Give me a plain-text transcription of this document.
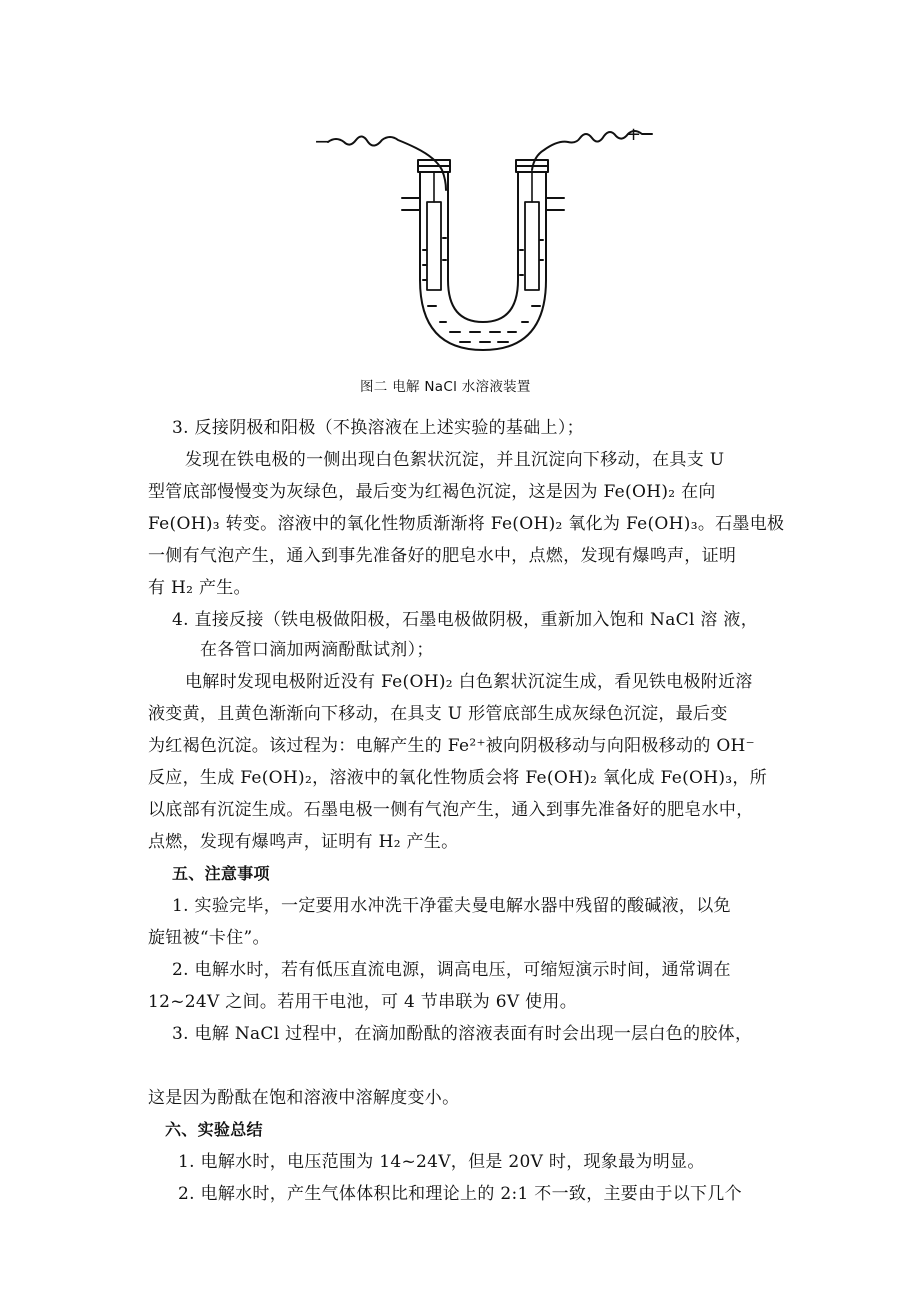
−	+
图二 电解 NaCl 水溶液装置
3. 反接阴极和阳极（不换溶液在上述实验的基础上）；
发现在铁电极的一侧出现白色絮状沉淀，并且沉淀向下移动，在具支 U
型管底部慢慢变为灰绿色，最后变为红褐色沉淀，这是因为 Fe(OH)₂ 在向
Fe(OH)₃ 转变。溶液中的氧化性物质渐渐将 Fe(OH)₂ 氧化为 Fe(OH)₃。石墨电极
一侧有气泡产生，通入到事先准备好的肥皂水中，点燃，发现有爆鸣声，证明
有 H₂ 产生。
4. 直接反接（铁电极做阳极，石墨电极做阴极，重新加入饱和 NaCl 溶 液，
在各管口滴加两滴酚酞试剂）；
电解时发现电极附近没有 Fe(OH)₂ 白色絮状沉淀生成，看见铁电极附近溶
液变黄，且黄色渐渐向下移动，在具支 U 形管底部生成灰绿色沉淀，最后变
为红褐色沉淀。该过程为：电解产生的 Fe²⁺被向阴极移动与向阳极移动的 OH⁻
反应，生成 Fe(OH)₂，溶液中的氧化性物质会将 Fe(OH)₂ 氧化成 Fe(OH)₃，所
以底部有沉淀生成。石墨电极一侧有气泡产生，通入到事先准备好的肥皂水中，
点燃，发现有爆鸣声，证明有 H₂ 产生。
五、注意事项
1. 实验完毕，一定要用水冲洗干净霍夫曼电解水器中残留的酸碱液，以免
旋钮被“卡住”。
2. 电解水时，若有低压直流电源，调高电压，可缩短演示时间，通常调在
12~24V 之间。若用干电池，可 4 节串联为 6V 使用。
3. 电解 NaCl 过程中，在滴加酚酞的溶液表面有时会出现一层白色的胶体，
这是因为酚酞在饱和溶液中溶解度变小。
六、实验总结
1. 电解水时，电压范围为 14~24V，但是 20V 时，现象最为明显。
2. 电解水时，产生气体体积比和理论上的 2:1 不一致，主要由于以下几个
